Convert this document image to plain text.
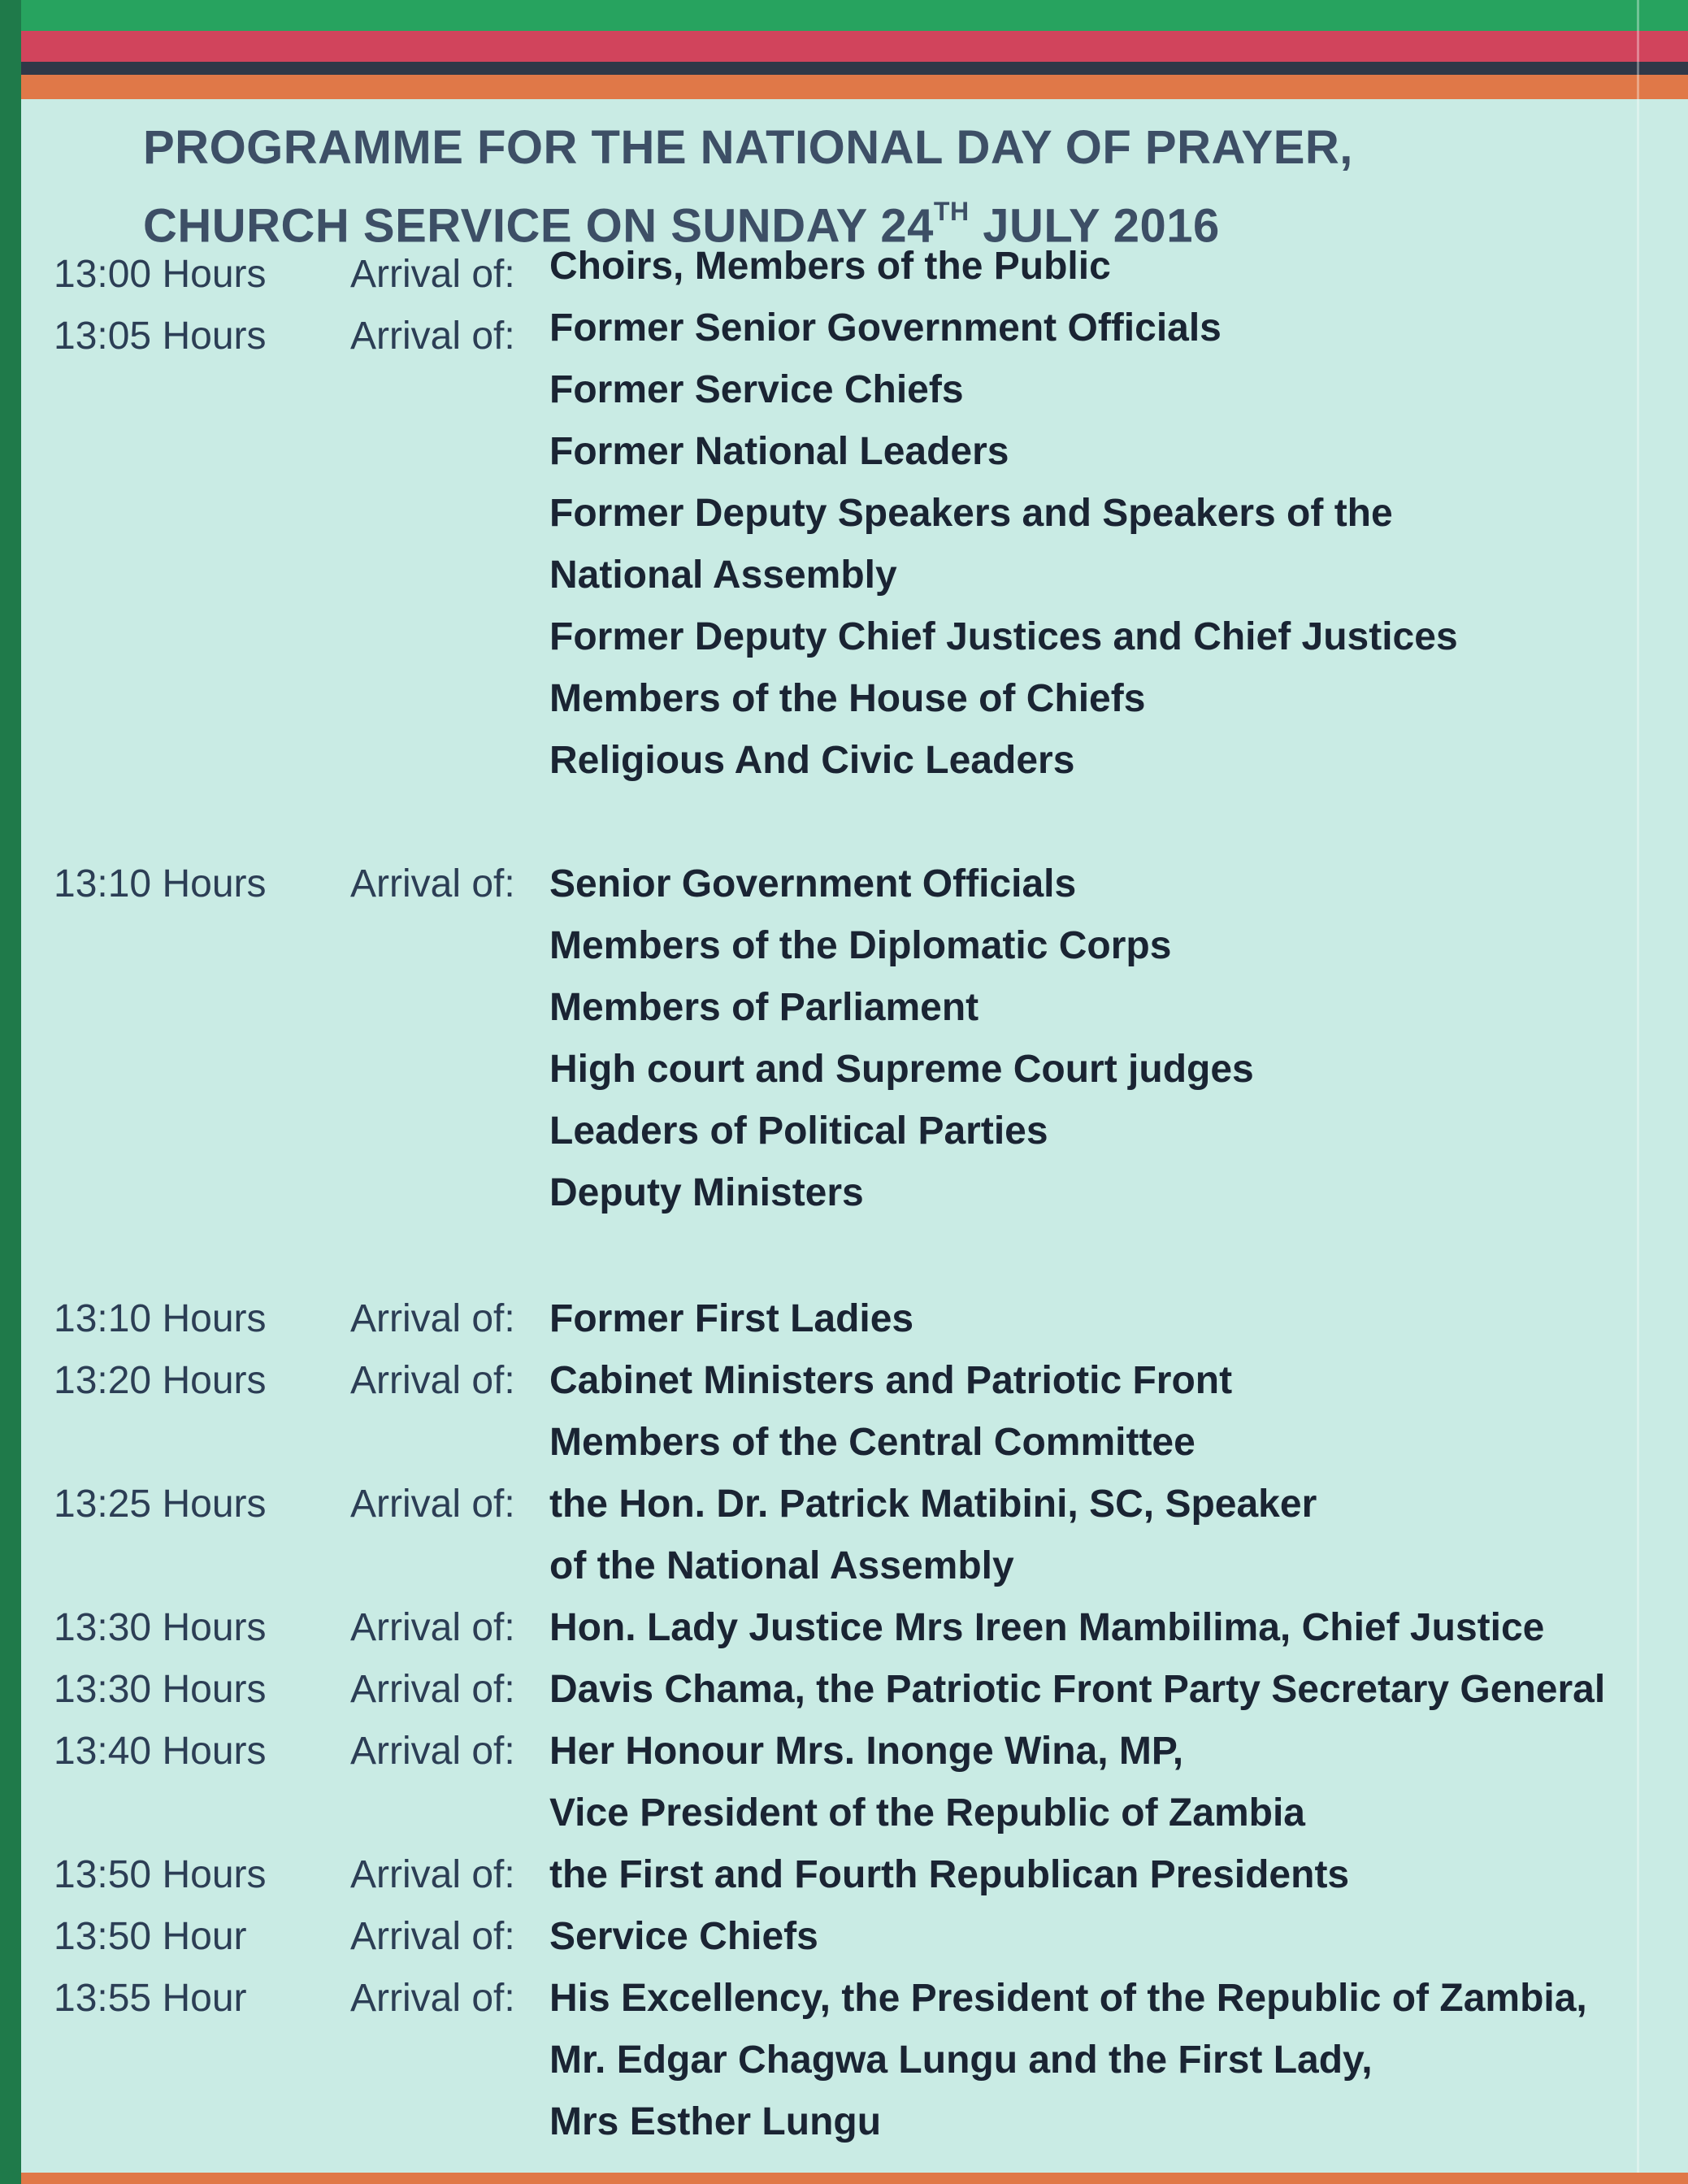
PROGRAMME FOR THE NATIONAL DAY OF PRAYER,
CHURCH SERVICE ON SUNDAY 24TH JULY 2016
13:00 Hours	Arrival of: Choirs, Members of the Public
13:05 Hours	Arrival of: Former Senior Government Officials
Former Service Chiefs
Former National Leaders
Former Deputy Speakers and Speakers of the
National Assembly
Former Deputy Chief Justices and Chief Justices
Members of the House of Chiefs
Religious And Civic Leaders
13:10 Hours	Arrival of: Senior Government Officials
Members of the Diplomatic Corps
Members of Parliament
High court and Supreme Court judges
Leaders of Political Parties
Deputy Ministers
13:10 Hours	Arrival of: Former First Ladies
13:20 Hours	Arrival of: Cabinet Ministers and Patriotic Front
Members of the Central Committee
13:25 Hours	Arrival of: the Hon. Dr. Patrick Matibini, SC, Speaker
of the National Assembly
13:30 Hours	Arrival of: Hon. Lady Justice Mrs Ireen Mambilima, Chief Justice
13:30 Hours	Arrival of: Davis Chama, the Patriotic Front Party Secretary General
13:40 Hours	Arrival of: Her Honour Mrs. Inonge Wina, MP,
Vice President of the Republic of Zambia
13:50 Hours	Arrival of: the First and Fourth Republican Presidents
13:50 Hour	Arrival of: Service Chiefs
13:55 Hour	Arrival of: His Excellency, the President of the Republic of Zambia,
Mr. Edgar Chagwa Lungu and the First Lady,
Mrs Esther Lungu
